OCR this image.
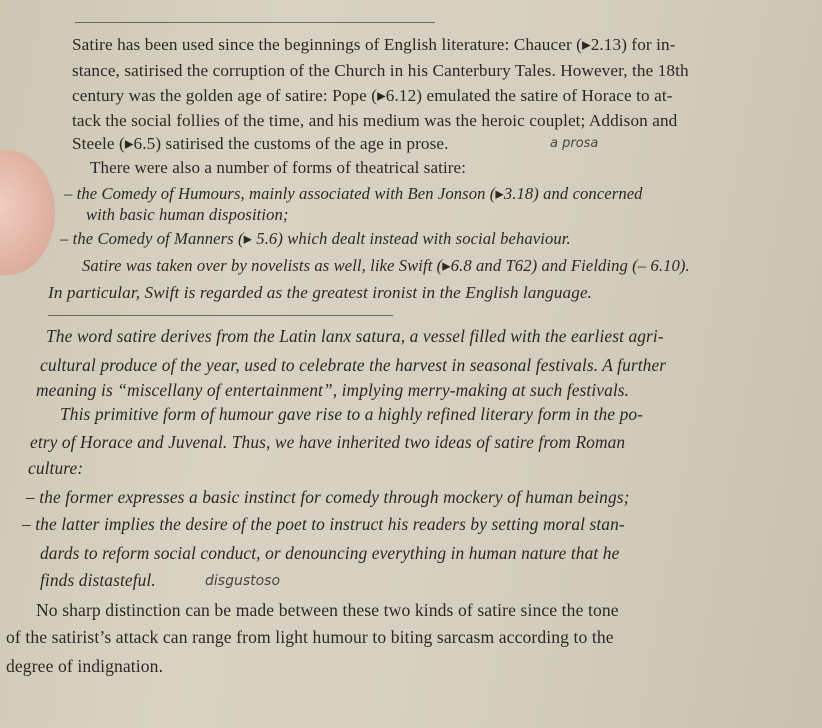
Satire has been used since the beginnings of English literature: Chaucer (▸2.13) for in-
stance, satirised the corruption of the Church in his Canterbury Tales. However, the 18th
century was the golden age of satire: Pope (▸6.12) emulated the satire of Horace to at-
tack the social follies of the time, and his medium was the heroic couplet; Addison and
Steele (▸6.5) satirised the customs of the age in prose.	a prosa
There were also a number of forms of theatrical satire:
– the Comedy of Humours, mainly associated with Ben Jonson (▸3.18) and concerned
with basic human disposition;
– the Comedy of Manners (▸ 5.6) which dealt instead with social behaviour.
Satire was taken over by novelists as well, like Swift (▸6.8 and T62) and Fielding (– 6.10).
In particular, Swift is regarded as the greatest ironist in the English language.
The word satire derives from the Latin lanx satura, a vessel filled with the earliest agri-
cultural produce of the year, used to celebrate the harvest in seasonal festivals. A further
meaning is “miscellany of entertainment”, implying merry-making at such festivals.
This primitive form of humour gave rise to a highly refined literary form in the po-
etry of Horace and Juvenal. Thus, we have inherited two ideas of satire from Roman
culture:
– the former expresses a basic instinct for comedy through mockery of human beings;
– the latter implies the desire of the poet to instruct his readers by setting moral stan-
dards to reform social conduct, or denouncing everything in human nature that he
finds distasteful.	disgustoso
No sharp distinction can be made between these two kinds of satire since the tone
of the satirist’s attack can range from light humour to biting sarcasm according to the
degree of indignation.
